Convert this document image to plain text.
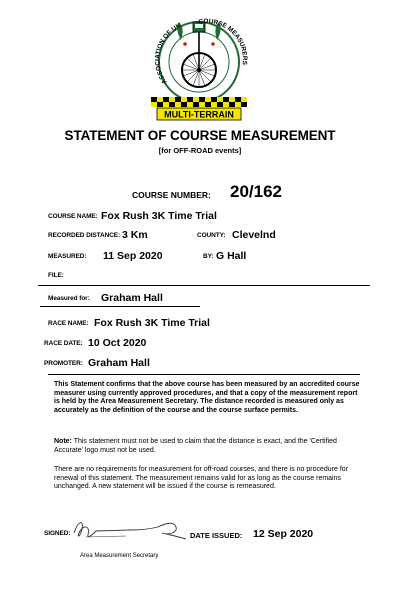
ASSOCIATION OF UK
COURSE MEASURERS
MULTI-TERRAIN
STATEMENT OF COURSE MEASUREMENT
[for OFF-ROAD events]
COURSE NUMBER: 20/162
COURSE NAME: Fox Rush 3K Time Trial
RECORDED DISTANCE: 3 Km	COUNTY: Clevelnd
MEASURED: 11 Sep 2020	BY: G Hall
FILE:
Measured for: Graham Hall
RACE NAME: Fox Rush 3K Time Trial
RACE DATE: 10 Oct 2020
PROMOTER: Graham Hall
This Statement confirms that the above course has been measured by an accredited course measurer using currently approved procedures, and that a copy of the measurement report is held by the Area Measurement Secretary. The distance recorded is measured only as accurately as the definition of the course and the course surface permits.
Note: This statement must not be used to claim that the distance is exact, and the 'Certified Accurate' logo must not be used.
There are no requirements for measurement for off-road courses, and there is no procedure for renewal of this statement. The measurement remains valid for as long as the course remains unchanged. A new statement will be issued if the course is remeasured.
SIGNED:	DATE ISSUED: 12 Sep 2020
Area Measurement Secretary
